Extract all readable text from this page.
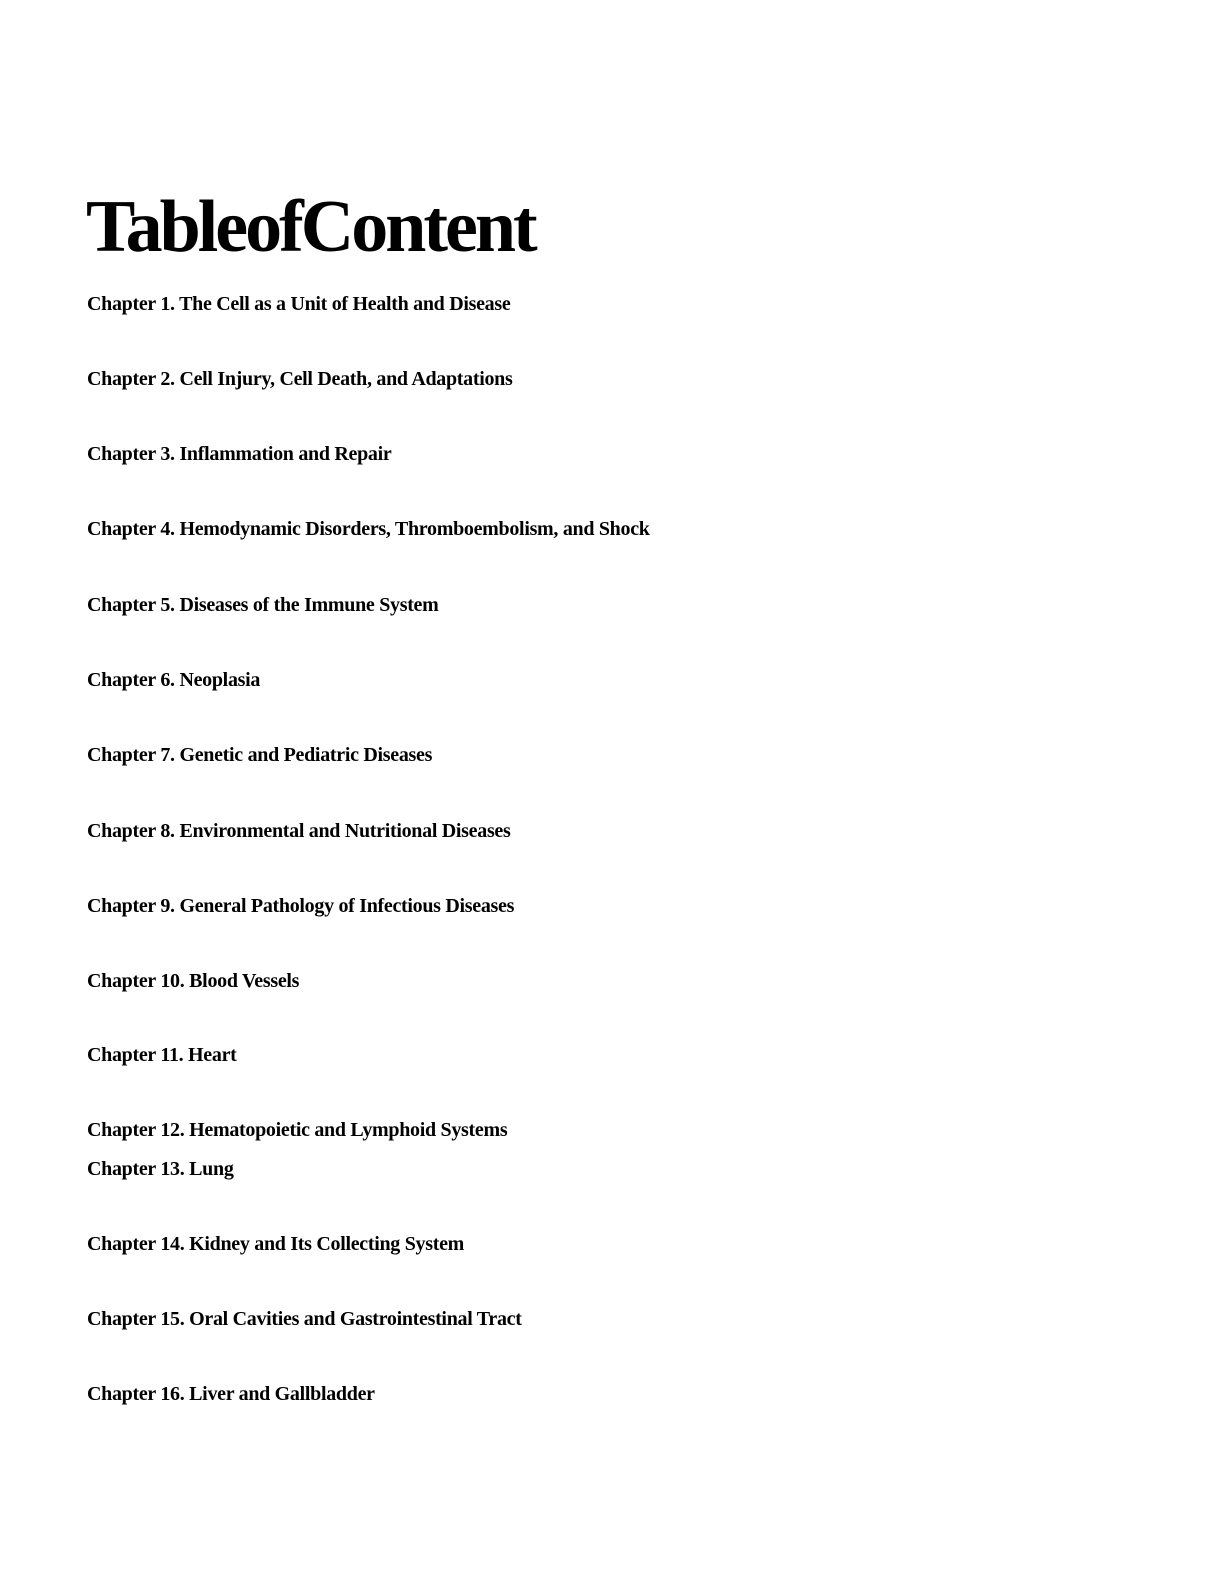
TableofContent

Chapter 1. The Cell as a Unit of Health and Disease

Chapter 2. Cell Injury, Cell Death, and Adaptations

Chapter 3. Inflammation and Repair

Chapter 4. Hemodynamic Disorders, Thromboembolism, and Shock

Chapter 5. Diseases of the Immune System

Chapter 6. Neoplasia

Chapter 7. Genetic and Pediatric Diseases

Chapter 8. Environmental and Nutritional Diseases

Chapter 9. General Pathology of Infectious Diseases

Chapter 10. Blood Vessels

Chapter 11. Heart

Chapter 12. Hematopoietic and Lymphoid Systems

Chapter 13. Lung

Chapter 14. Kidney and Its Collecting System

Chapter 15. Oral Cavities and Gastrointestinal Tract

Chapter 16. Liver and Gallbladder
